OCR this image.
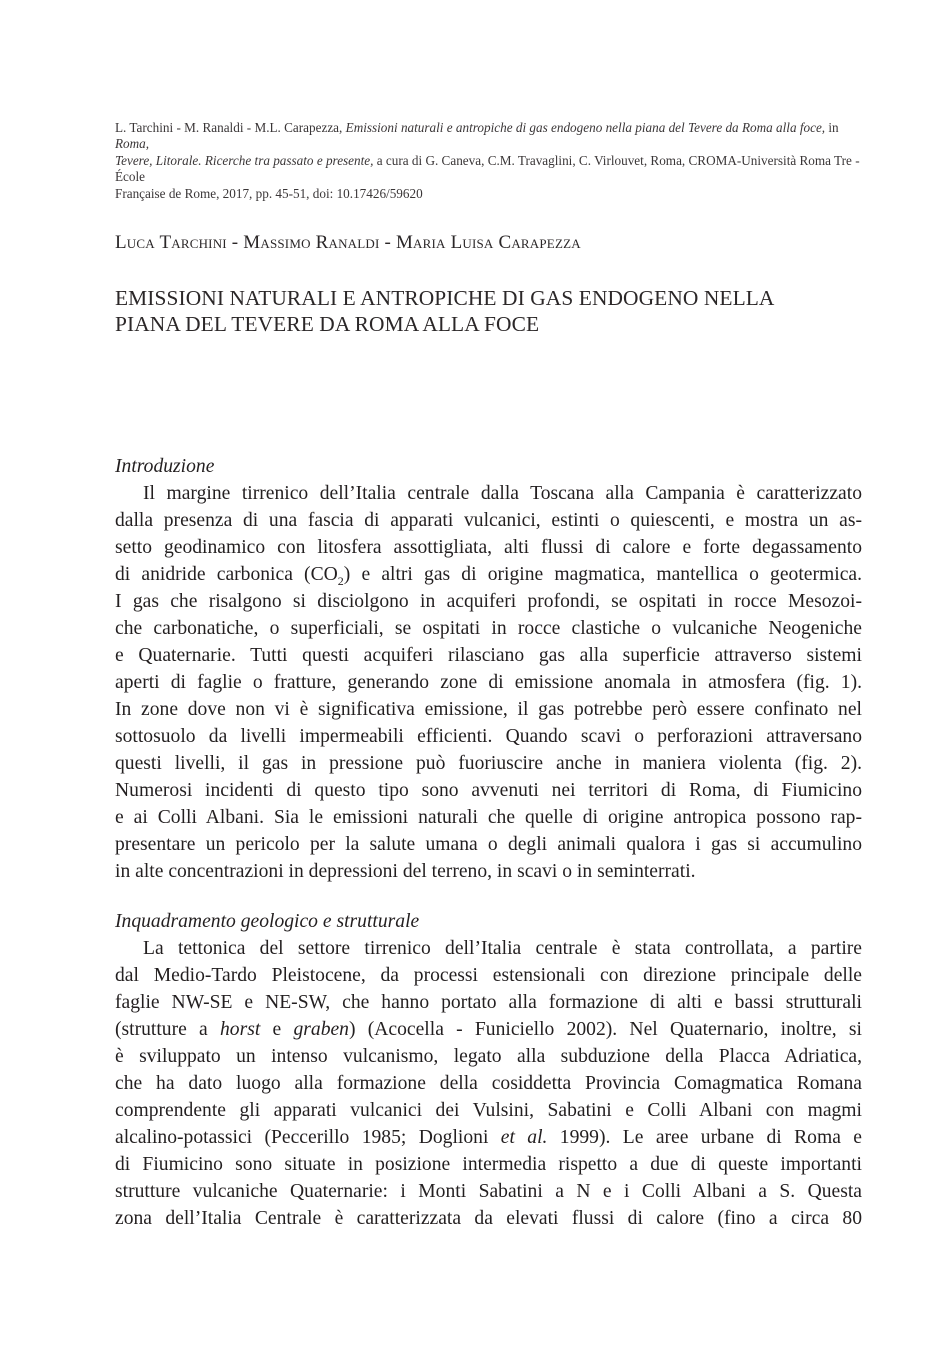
L. Tarchini - M. Ranaldi - M.L. Carapezza, Emissioni naturali e antropiche di gas endogeno nella piana del Tevere da Roma alla foce, in Roma,

Tevere, Litorale. Ricerche tra passato e presente, a cura di G. Caneva, C.M. Travaglini, C. Virlouvet, Roma, CROMA-Università Roma Tre - École

Française de Rome, 2017, pp. 45-51, doi: 10.17426/59620

Luca Tarchini - Massimo Ranaldi - Maria Luisa Carapezza
EMISSIONI NATURALI E ANTROPICHE DI GAS ENDOGENO NELLA
PIANA DEL TEVERE DA ROMA ALLA FOCE
Introduzione
Il margine tirrenico dell’Italia centrale dalla Toscana alla Campania è caratterizzato
dalla presenza di una fascia di apparati vulcanici, estinti o quiescenti, e mostra un as-
setto geodinamico con litosfera assottigliata, alti flussi di calore e forte degassamento
di anidride carbonica $(CO_2)$ e altri gas di origine magmatica, mantellica o geotermica.
I gas che risalgono si disciolgono in acquiferi profondi, se ospitati in rocce Mesozoi-
che carbonatiche, o superficiali, se ospitati in rocce clastiche o vulcaniche Neogeniche
e Quaternarie. Tutti questi acquiferi rilasciano gas alla superficie attraverso sistemi
aperti di faglie o fratture, generando zone di emissione anomala in atmosfera (fig. 1).
In zone dove non vi è significativa emissione, il gas potrebbe però essere confinato nel
sottosuolo da livelli impermeabili efficienti. Quando scavi o perforazioni attraversano
questi livelli, il gas in pressione può fuoriuscire anche in maniera violenta (fig. 2).
Numerosi incidenti di questo tipo sono avvenuti nei territori di Roma, di Fiumicino
e ai Colli Albani. Sia le emissioni naturali che quelle di origine antropica possono rap-
presentare un pericolo per la salute umana o degli animali qualora i gas si accumulino
in alte concentrazioni in depressioni del terreno, in scavi o in seminterrati.
Inquadramento geologico e strutturale
La tettonica del settore tirrenico dell’Italia centrale è stata controllata, a partire
dal Medio-Tardo Pleistocene, da processi estensionali con direzione principale delle
faglie NW-SE e NE-SW, che hanno portato alla formazione di alti e bassi strutturali
(strutture a horst e graben) (Acocella - Funiciello 2002). Nel Quaternario, inoltre, si
è sviluppato un intenso vulcanismo, legato alla subduzione della Placca Adriatica,
che ha dato luogo alla formazione della cosiddetta Provincia Comagmatica Romana
comprendente gli apparati vulcanici dei Vulsini, Sabatini e Colli Albani con magmi
alcalino-potassici (Peccerillo 1985; Doglioni et al. 1999). Le aree urbane di Roma e
di Fiumicino sono situate in posizione intermedia rispetto a due di queste importanti
strutture vulcaniche Quaternarie: i Monti Sabatini a N e i Colli Albani a S. Questa
zona dell’Italia Centrale è caratterizzata da elevati flussi di calore (fino a circa 80
